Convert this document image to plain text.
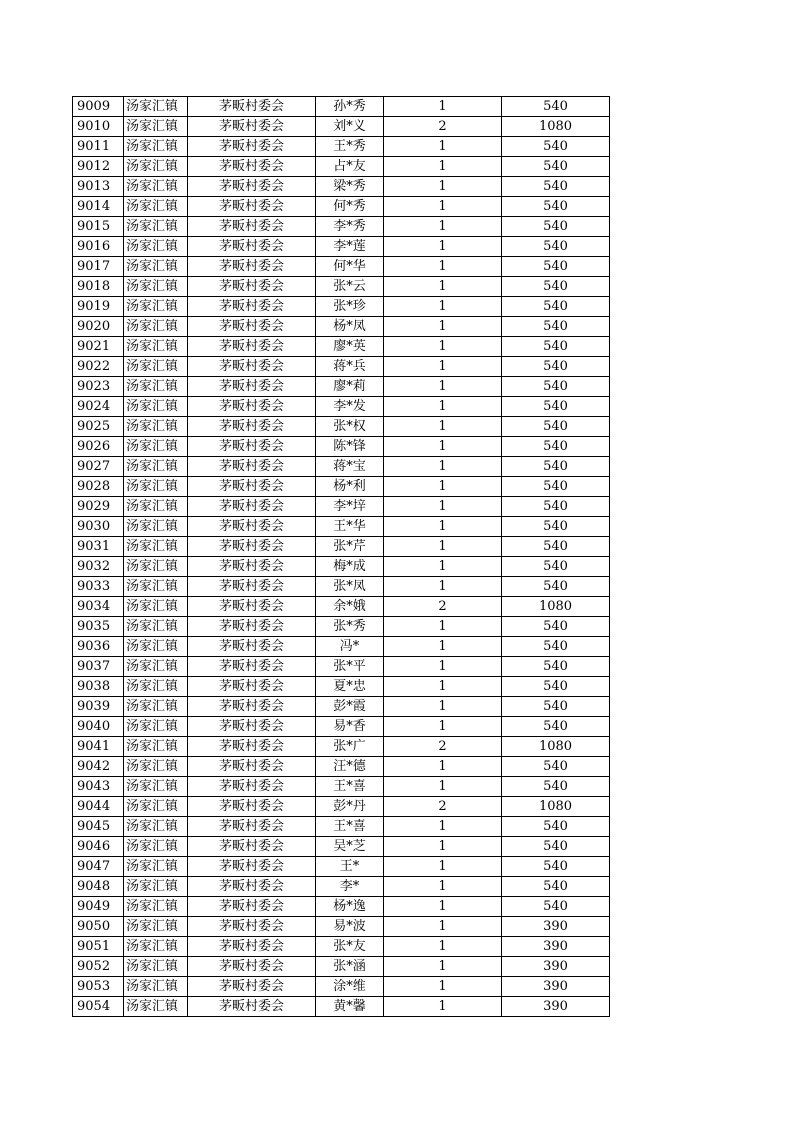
9009	汤家汇镇	茅畈村委会	孙*秀	1	540
9010	汤家汇镇	茅畈村委会	刘*义	2	1080
9011	汤家汇镇	茅畈村委会	王*秀	1	540
9012	汤家汇镇	茅畈村委会	占*友	1	540
9013	汤家汇镇	茅畈村委会	梁*秀	1	540
9014	汤家汇镇	茅畈村委会	何*秀	1	540
9015	汤家汇镇	茅畈村委会	李*秀	1	540
9016	汤家汇镇	茅畈村委会	李*莲	1	540
9017	汤家汇镇	茅畈村委会	何*华	1	540
9018	汤家汇镇	茅畈村委会	张*云	1	540
9019	汤家汇镇	茅畈村委会	张*珍	1	540
9020	汤家汇镇	茅畈村委会	杨*凤	1	540
9021	汤家汇镇	茅畈村委会	廖*英	1	540
9022	汤家汇镇	茅畈村委会	蒋*兵	1	540
9023	汤家汇镇	茅畈村委会	廖*莉	1	540
9024	汤家汇镇	茅畈村委会	李*发	1	540
9025	汤家汇镇	茅畈村委会	张*权	1	540
9026	汤家汇镇	茅畈村委会	陈*锋	1	540
9027	汤家汇镇	茅畈村委会	蒋*宝	1	540
9028	汤家汇镇	茅畈村委会	杨*利	1	540
9029	汤家汇镇	茅畈村委会	李*垶	1	540
9030	汤家汇镇	茅畈村委会	王*华	1	540
9031	汤家汇镇	茅畈村委会	张*芹	1	540
9032	汤家汇镇	茅畈村委会	梅*成	1	540
9033	汤家汇镇	茅畈村委会	张*凤	1	540
9034	汤家汇镇	茅畈村委会	余*娥	2	1080
9035	汤家汇镇	茅畈村委会	张*秀	1	540
9036	汤家汇镇	茅畈村委会	冯*	1	540
9037	汤家汇镇	茅畈村委会	张*平	1	540
9038	汤家汇镇	茅畈村委会	夏*忠	1	540
9039	汤家汇镇	茅畈村委会	彭*霞	1	540
9040	汤家汇镇	茅畈村委会	易*香	1	540
9041	汤家汇镇	茅畈村委会	张*广	2	1080
9042	汤家汇镇	茅畈村委会	汪*德	1	540
9043	汤家汇镇	茅畈村委会	王*喜	1	540
9044	汤家汇镇	茅畈村委会	彭*丹	2	1080
9045	汤家汇镇	茅畈村委会	王*喜	1	540
9046	汤家汇镇	茅畈村委会	吴*芝	1	540
9047	汤家汇镇	茅畈村委会	王*	1	540
9048	汤家汇镇	茅畈村委会	李*	1	540
9049	汤家汇镇	茅畈村委会	杨*逸	1	540
9050	汤家汇镇	茅畈村委会	易*波	1	390
9051	汤家汇镇	茅畈村委会	张*友	1	390
9052	汤家汇镇	茅畈村委会	张*涵	1	390
9053	汤家汇镇	茅畈村委会	涂*维	1	390
9054	汤家汇镇	茅畈村委会	黄*馨	1	390
